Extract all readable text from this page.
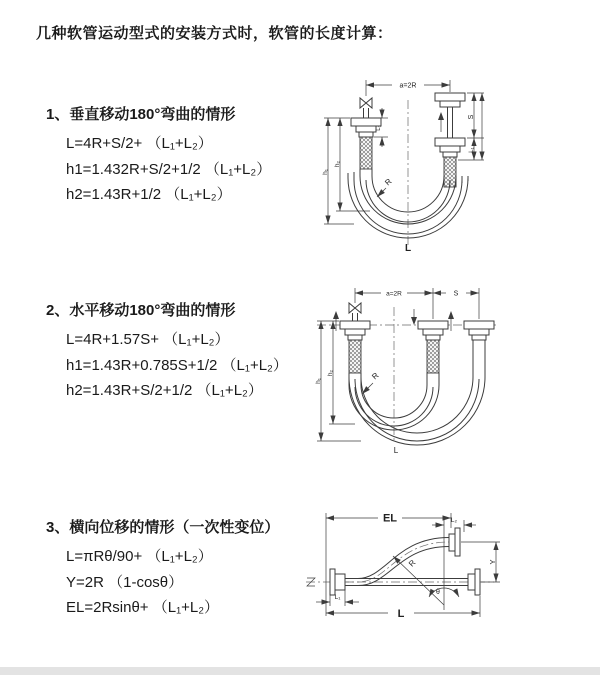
几种软管运动型式的安装方式时，软管的长度计算：
1、垂直移动180°弯曲的情形
L=4R+S/2+ （L₁+L₂）
h1=1.432R+S/2+1/2 （L₁+L₂）
h2=1.43R+1/2 （L₁+L₂）
2、水平移动180°弯曲的情形
L=4R+1.57S+ （L₁+L₂）
h1=1.43R+0.785S+1/2 （L₁+L₂）
h2=1.43R+S/2+1/2 （L₁+L₂）
3、横向位移的情形（一次性变位）
L=πRθ/90+ （L₁+L₂）
Y=2R （1-cosθ）
EL=2Rsinθ+ （L₁+L₂）
a=2R
R
L
h₂
h₁
L₁
S
L₁
a=2R	S
h₂
h₁	R
L
EL	L₂
R
θ
Y
L₁
L
